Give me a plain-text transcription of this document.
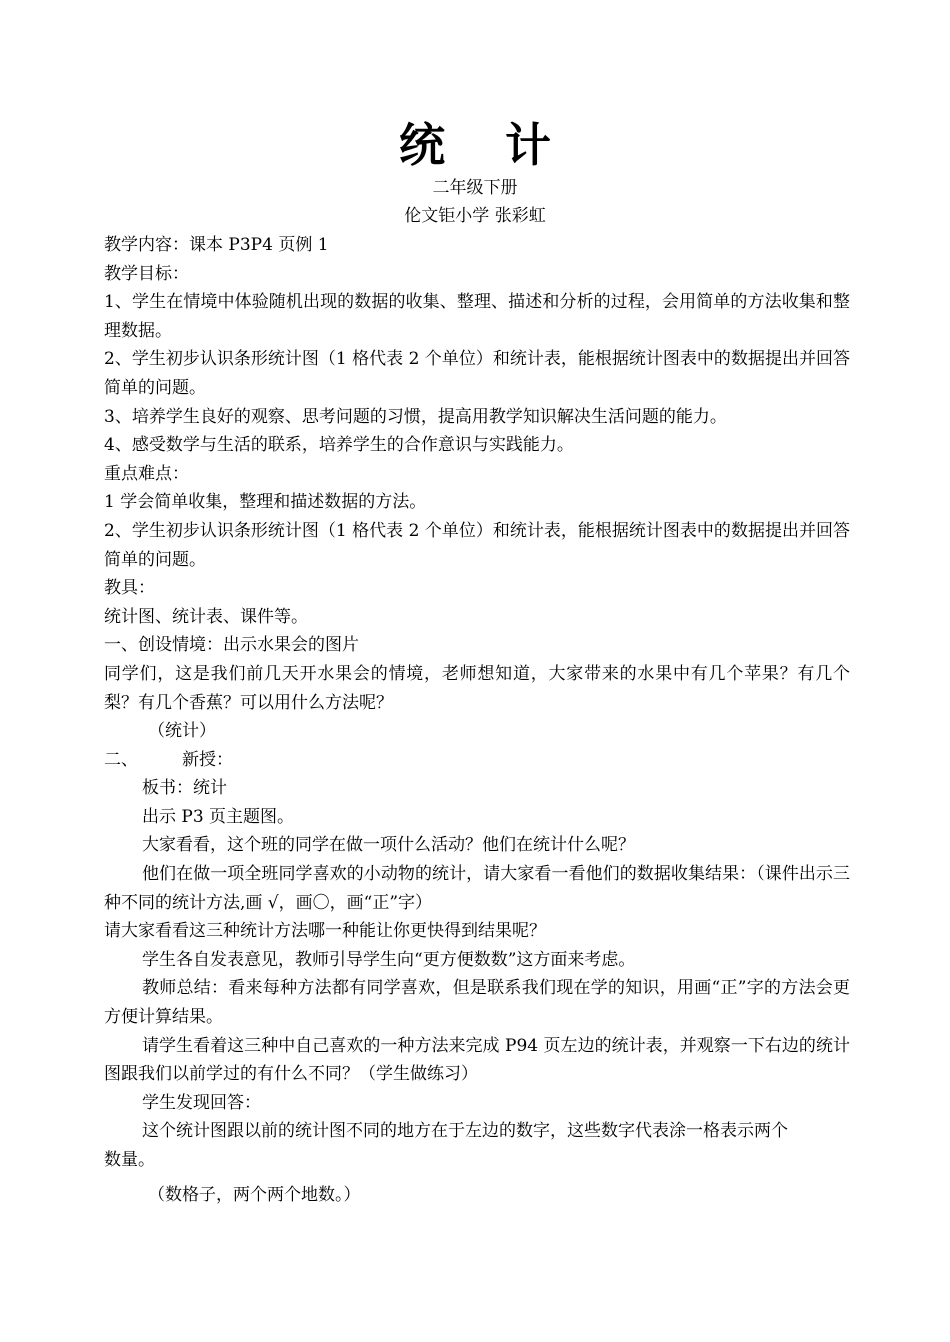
统 计
二年级下册
伦文钜小学 张彩虹

教学内容：课本 P3P4 页例 1

教学目标：

1、学生在情境中体验随机出现的数据的收集、整理、描述和分析的过程，会用简单的方法收集和整理数据。

2、学生初步认识条形统计图（1 格代表 2 个单位）和统计表，能根据统计图表中的数据提出并回答简单的问题。

3、培养学生良好的观察、思考问题的习惯，提高用教学知识解决生活问题的能力。

4、感受数学与生活的联系，培养学生的合作意识与实践能力。

重点难点：

1 学会简单收集，整理和描述数据的方法。

2、学生初步认识条形统计图（1 格代表 2 个单位）和统计表，能根据统计图表中的数据提出并回答简单的问题。

教具：

统计图、统计表、课件等。

一、创设情境：出示水果会的图片

同学们，这是我们前几天开水果会的情境，老师想知道，大家带来的水果中有几个苹果？有几个梨？有几个香蕉？可以用什么方法呢？

（统计）

二、	新授：

板书：统计

出示 P3 页主题图。

大家看看，这个班的同学在做一项什么活动？他们在统计什么呢？

他们在做一项全班同学喜欢的小动物的统计，请大家看一看他们的数据收集结果：（课件出示三种不同的统计方法,画 √，画〇，画“正”字）

请大家看看这三种统计方法哪一种能让你更快得到结果呢？

学生各自发表意见，教师引导学生向“更方便数数”这方面来考虑。

教师总结：看来每种方法都有同学喜欢，但是联系我们现在学的知识，用画“正”字的方法会更方便计算结果。

请学生看着这三种中自己喜欢的一种方法来完成 P94 页左边的统计表，并观察一下右边的统计图跟我们以前学过的有什么不同？（学生做练习）

学生发现回答：

这个统计图跟以前的统计图不同的地方在于左边的数字，这些数字代表涂一格表示两个

数量。

（数格子，两个两个地数。）
